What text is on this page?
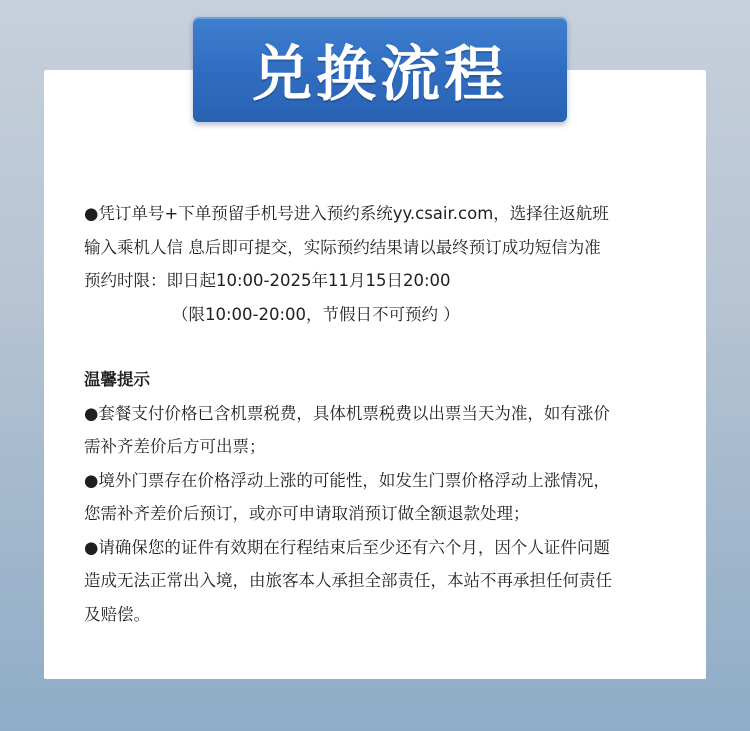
兑换流程
●凭订单号+下单预留手机号进入预约系统yy.csair.com，选择往返航班
输入乘机人信 息后即可提交，实际预约结果请以最终预订成功短信为准
预约时限：即日起10:00-2025年11月15日20:00
（限10:00-20:00，节假日不可预约 ）
温馨提示
●套餐支付价格已含机票税费，具体机票税费以出票当天为准，如有涨价
需补齐差价后方可出票；
●境外门票存在价格浮动上涨的可能性，如发生门票价格浮动上涨情况，
您需补齐差价后预订，或亦可申请取消预订做全额退款处理；
●请确保您的证件有效期在行程结束后至少还有六个月，因个人证件问题
造成无法正常出入境，由旅客本人承担全部责任，本站不再承担任何责任
及赔偿。
